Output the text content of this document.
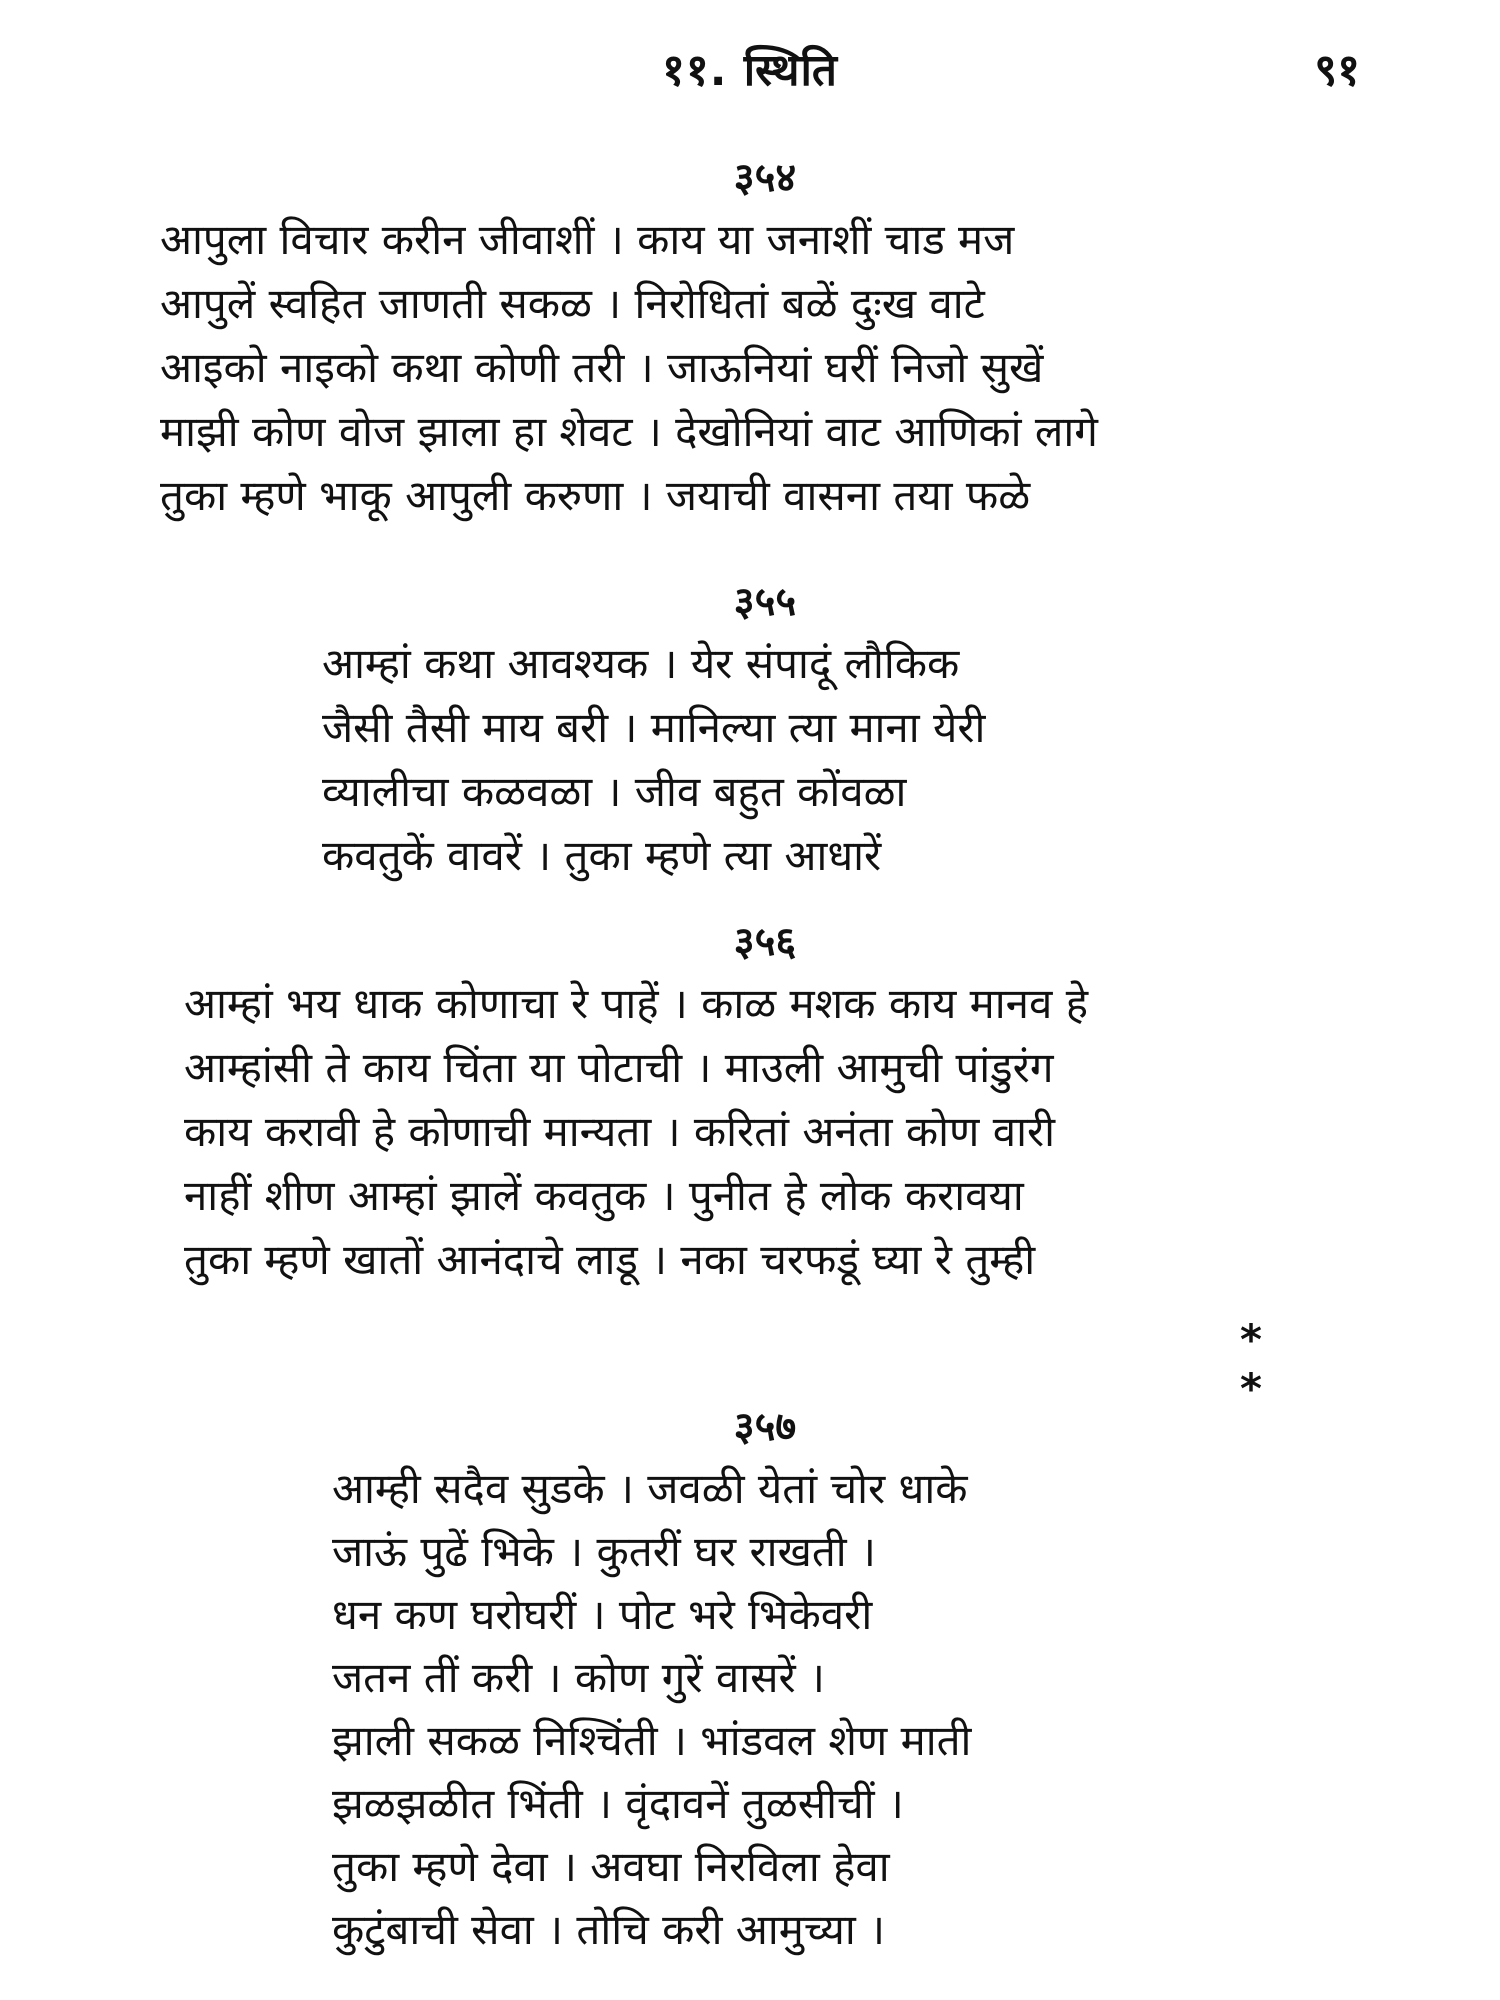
११. स्थिति	९१
३५४
आपुला विचार करीन जीवाशीं । काय या जनाशीं चाड मज
आपुलें स्वहित जाणती सकळ । निरोधितां बळें दुःख वाटे
आइको नाइको कथा कोणी तरी । जाऊनियां घरीं निजो सुखें
माझी कोण वोज झाला हा शेवट । देखोनियां वाट आणिकां लागे
तुका म्हणे भाकू आपुली करुणा । जयाची वासना तया फळे
३५५
आम्हां कथा आवश्यक । येर संपादूं लौकिक
जैसी तैसी माय बरी । मानिल्या त्या माना येरी
व्यालीचा कळवळा । जीव बहुत कोंवळा
कवतुकें वावरें । तुका म्हणे त्या आधारें
३५६
आम्हां भय धाक कोणाचा रे पाहें । काळ मशक काय मानव हे
आम्हांसी ते काय चिंता या पोटाची । माउली आमुची पांडुरंग
काय करावी हे कोणाची मान्यता । करितां अनंता कोण वारी
नाहीं शीण आम्हां झालें कवतुक । पुनीत हे लोक करावया
तुका म्हणे खातों आनंदाचे लाडू । नका चरफडूं घ्या रे तुम्ही
* *
३५७
आम्ही सदैव सुडके । जवळी येतां चोर धाके
जाऊं पुढें भिके । कुतरीं घर राखती ।
धन कण घरोघरीं । पोट भरे भिकेवरी
जतन तीं करी । कोण गुरें वासरें ।
झाली सकळ निश्चिंती । भांडवल शेण माती
झळझळीत भिंती । वृंदावनें तुळसीचीं ।
तुका म्हणे देवा । अवघा निरविला हेवा
कुटुंबाची सेवा । तोचि करी आमुच्या ।
